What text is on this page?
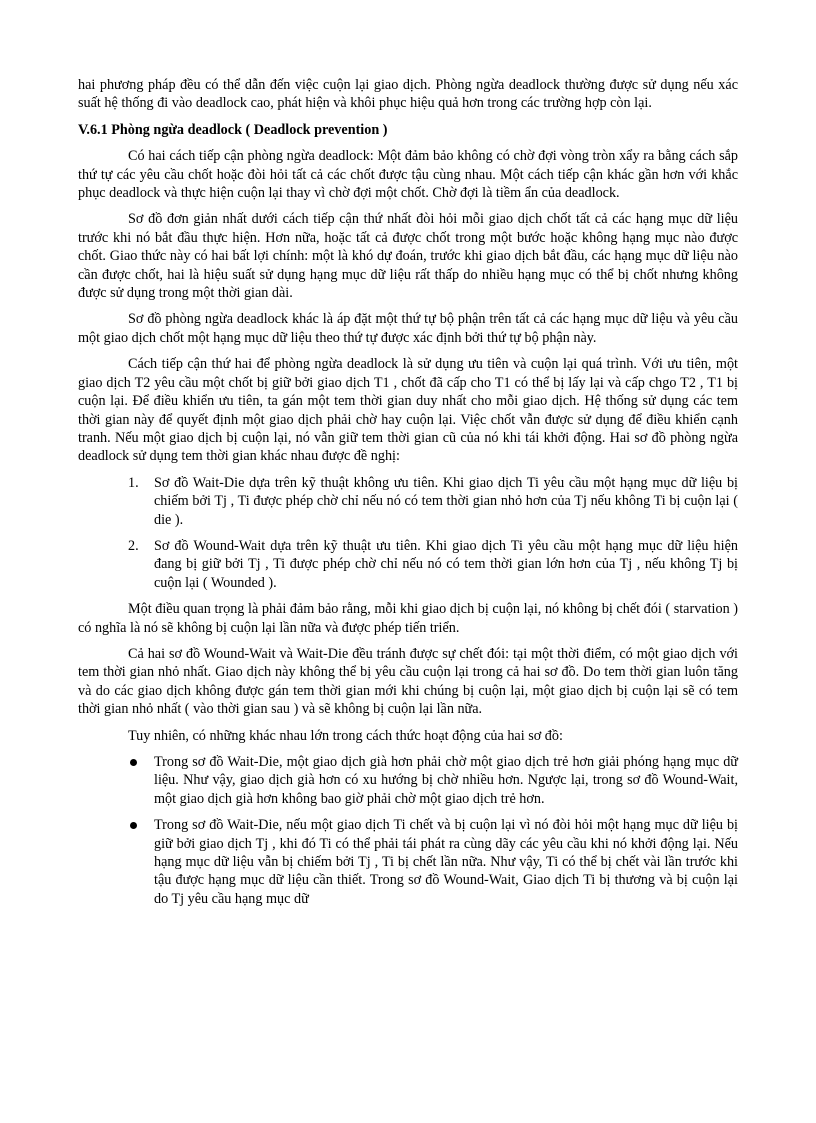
hai phương pháp đều có thể dẫn đến việc cuộn lại giao dịch. Phòng ngừa deadlock thường được sử dụng nếu xác suất hệ thống đi vào deadlock cao, phát hiện và khôi phục hiệu quả hơn trong các trường hợp còn lại.

V.6.1 Phòng ngừa deadlock ( Deadlock prevention )

Có hai cách tiếp cận phòng ngừa deadlock: Một đảm bảo không có chờ đợi vòng tròn xẩy ra bằng cách sắp thứ tự các yêu cầu chốt hoặc đòi hỏi tất cả các chốt được tậu cùng nhau. Một cách tiếp cận khác gần hơn với khắc phục deadlock và thực hiện cuộn lại thay vì chờ đợi một chốt. Chờ đợi là tiềm ẩn của deadlock.

Sơ đồ đơn giản nhất dưới cách tiếp cận thứ nhất đòi hỏi mỗi giao dịch chốt tất cả các hạng mục dữ liệu trước khi nó bắt đầu thực hiện. Hơn nữa, hoặc tất cả được chốt trong một bước hoặc không hạng mục nào được chốt. Giao thức này có hai bất lợi chính: một là khó dự đoán, trước khi giao dịch bắt đầu, các hạng mục dữ liệu nào cần được chốt, hai là hiệu suất sử dụng hạng mục dữ liệu rất thấp do nhiều hạng mục có thể bị chốt nhưng không được sử dụng trong một thời gian dài.

Sơ đồ phòng ngừa deadlock khác là áp đặt một thứ tự bộ phận trên tất cả các hạng mục dữ liệu và yêu cầu một giao dịch chốt một hạng mục dữ liệu theo thứ tự được xác định bởi thứ tự bộ phận này.

Cách tiếp cận thứ hai để phòng ngừa deadlock là sử dụng ưu tiên và cuộn lại quá trình. Với ưu tiên, một giao dịch T2 yêu cầu một chốt bị giữ bởi giao dịch T1 , chốt đã cấp cho T1 có thể bị lấy lại và cấp chgo T2 , T1 bị cuộn lại. Để điều khiển ưu tiên, ta gán một tem thời gian duy nhất cho mỗi giao dịch. Hệ thống sử dụng các tem thời gian này để quyết định một giao dịch phải chờ hay cuộn lại. Việc chốt vẫn được sử dụng để điều khiển cạnh tranh. Nếu một giao dịch bị cuộn lại, nó vẫn giữ tem thời gian cũ của nó khi tái khởi động. Hai sơ đồ phòng ngừa deadlock sử dụng tem thời gian khác nhau được đề nghị:

1. Sơ đồ Wait-Die dựa trên kỹ thuật không ưu tiên. Khi giao dịch Ti yêu cầu một hạng mục dữ liệu bị chiếm bởi Tj , Ti được phép chờ chỉ nếu nó có tem thời gian nhỏ hơn của Tj nếu không Ti bị cuộn lại ( die ).
2. Sơ đồ Wound-Wait dựa trên kỹ thuật ưu tiên. Khi giao dịch Ti yêu cầu một hạng mục dữ liệu hiện đang bị giữ bởi Tj , Ti được phép chờ chỉ nếu nó có tem thời gian lớn hơn của Tj , nếu không Tj bị cuộn lại ( Wounded ).

Một điều quan trọng là phải đảm bảo rằng, mỗi khi giao dịch bị cuộn lại, nó không bị chết đói ( starvation ) có nghĩa là nó sẽ không bị cuộn lại lần nữa và được phép tiến triển.

Cả hai sơ đồ Wound-Wait và Wait-Die đều tránh được sự chết đói: tại một thời điểm, có một giao dịch với tem thời gian nhỏ nhất. Giao dịch này không thể bị yêu cầu cuộn lại trong cả hai sơ đồ. Do tem thời gian luôn tăng và do các giao dịch không được gán tem thời gian mới khi chúng bị cuộn lại, một giao dịch bị cuộn lại sẽ có tem thời gian nhỏ nhất ( vào thời gian sau ) và sẽ không bị cuộn lại lần nữa.

Tuy nhiên, có những khác nhau lớn trong cách thức hoạt động của hai sơ đồ:

Trong sơ đồ Wait-Die, một giao dịch già hơn phải chờ một giao dịch trẻ hơn giải phóng hạng mục dữ liệu. Như vậy, giao dịch già hơn có xu hướng bị chờ nhiều hơn. Ngược lại, trong sơ đồ Wound-Wait, một giao dịch già hơn không bao giờ phải chờ một giao dịch trẻ hơn.
Trong sơ đồ Wait-Die, nếu một giao dịch Ti chết và bị cuộn lại vì nó đòi hỏi một hạng mục dữ liệu bị giữ bởi giao dịch Tj , khi đó Ti có thể phải tái phát ra cùng dãy các yêu cầu khi nó khởi động lại. Nếu hạng mục dữ liệu vẫn bị chiếm bởi Tj , Ti bị chết lần nữa. Như vậy, Ti có thể bị chết vài lần trước khi tậu được hạng mục dữ liệu cần thiết. Trong sơ đồ Wound-Wait, Giao dịch Ti bị thương và bị cuộn lại do Tj yêu cầu hạng mục dữ
